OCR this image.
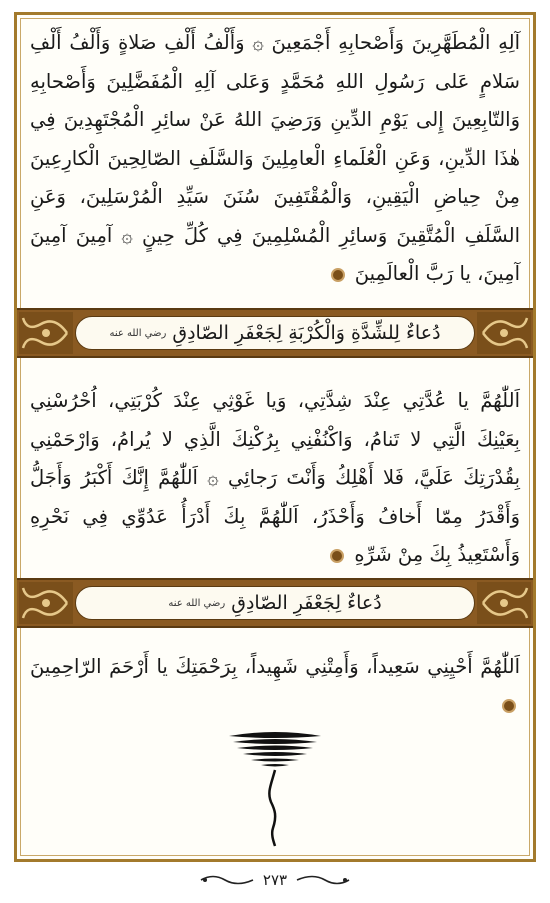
آلِهِ الْمُطَهَّرِينَ وَأَصْحابِهِ أَجْمَعِينَ ۞ وَأَلْفُ أَلْفِ صَلاةٍ وَأَلْفُ أَلْفِ سَلامٍ عَلى رَسُولِ اللهِ مُحَمَّدٍ وَعَلى آلِهِ الْمُفَضَّلِينَ وَأَصْحابِهِ وَالتّابِعِينَ إِلى يَوْمِ الدِّينِ وَرَضِيَ اللهُ عَنْ سائِرِ الْمُجْتَهِدِينَ فِي هٰذَا الدِّينِ، وَعَنِ الْعُلَماءِ الْعامِلِينَ وَالسَّلَفِ الصّالِحِينَ الْكارِعِينَ مِنْ حِياضِ الْيَقِينِ، وَالْمُقْتَفِينَ سُنَنَ سَيِّدِ الْمُرْسَلِينَ، وَعَنِ السَّلَفِ الْمُتَّقِينَ وَسائِرِ الْمُسْلِمِينَ فِي كُلِّ حِينٍ ۞ آمِينَ آمِينَ آمِينَ، يا رَبَّ الْعالَمِينَ
دُعاءٌ لِلشِّدَّةِ وَالْكُرْبَةِ لِجَعْفَرِ الصّادِقِ
رضي الله عنه
اَللّٰهُمَّ يا عُدَّتِي عِنْدَ شِدَّتِي، وَيا غَوْثِي عِنْدَ كُرْبَتِي، اُحْرُسْنِي بِعَيْنِكَ الَّتِي لا تَنامُ، وَاكْنُفْنِي بِرُكْنِكَ الَّذِي لا يُرامُ، وَارْحَمْنِي بِقُدْرَتِكَ عَلَيَّ، فَلا أَهْلِكُ وَأَنْتَ رَجائِي ۞ اَللّٰهُمَّ إِنَّكَ أَكْبَرُ وَأَجَلُّ وَأَقْدَرُ مِمّا أَخافُ وَأَحْذَرُ، اَللّٰهُمَّ بِكَ أَدْرَأُ عَدُوِّي فِي نَحْرِهِ وَأَسْتَعِيذُ بِكَ مِنْ شَرِّهِ
دُعاءٌ لِجَعْفَرِ الصّادِقِ
رضي الله عنه
اَللّٰهُمَّ أَحْيِنِي سَعِيداً، وَأَمِتْنِي شَهِيداً، بِرَحْمَتِكَ يا أَرْحَمَ الرّاحِمِينَ
٢٧٣
